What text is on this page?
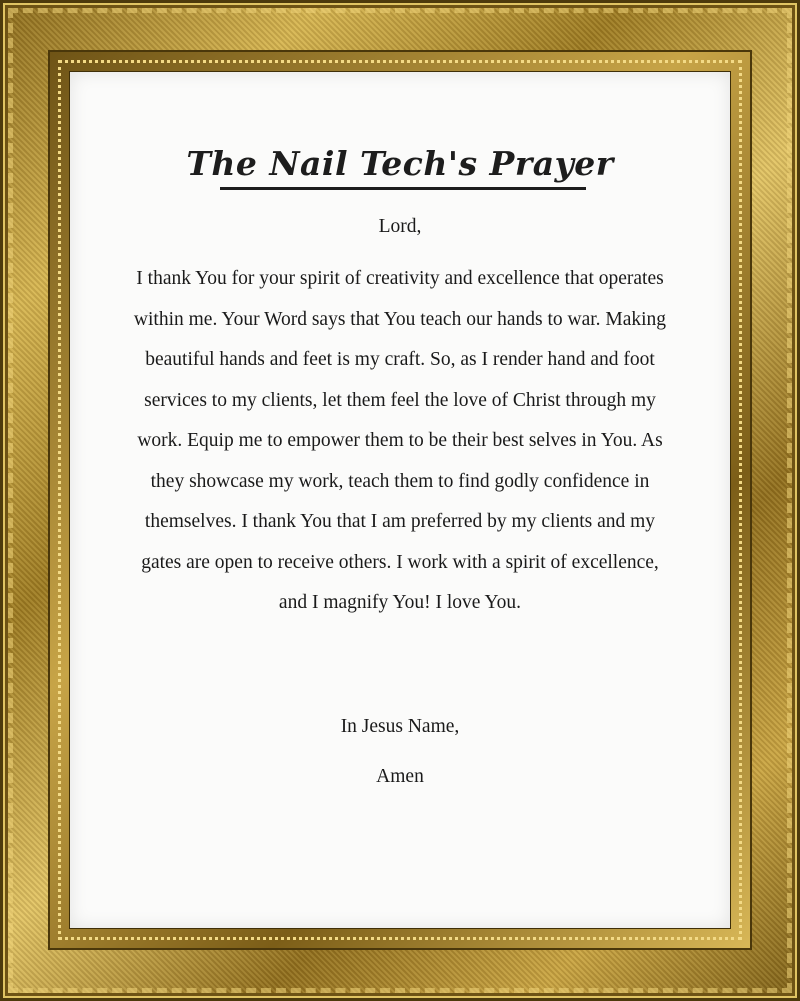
The Nail Tech's Prayer
Lord,
I thank You for your spirit of creativity and excellence that operates within me. Your Word says that You teach our hands to war. Making beautiful hands and feet is my craft. So, as I render hand and foot services to my clients, let them feel the love of Christ through my work. Equip me to empower them to be their best selves in You. As they showcase my work, teach them to find godly confidence in themselves. I thank You that I am preferred by my clients and my gates are open to receive others. I work with a spirit of excellence, and I magnify You! I love You.
In Jesus Name,
Amen
